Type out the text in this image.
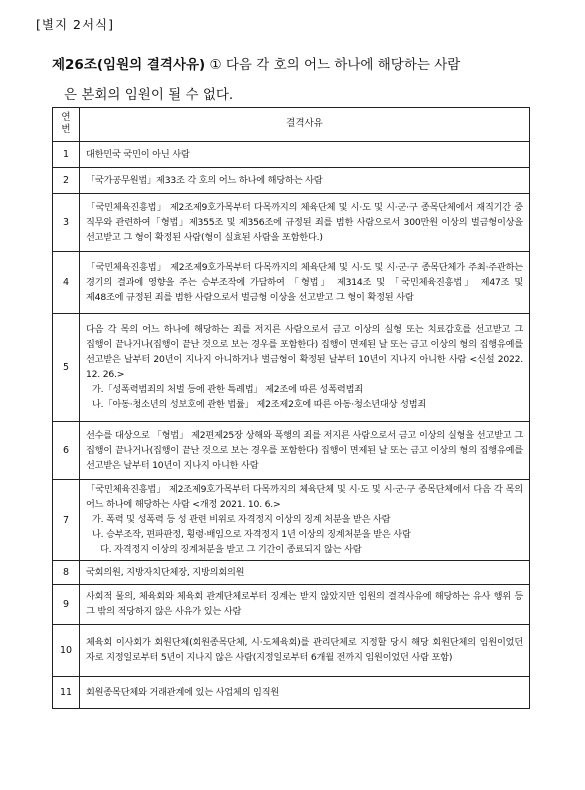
[별지 2서식]
제26조(임원의 결격사유) ① 다음 각 호의 어느 하나에 해당하는 사람
은 본회의 임원이 될 수 없다.
연번	결격사유
1	대한민국 국민이 아닌 사람

2	「국가공무원법」제33조 각 호의 어느 하나에 해당하는 사람

3	「국민체육진흥법」 제2조제9호가목부터 다목까지의 체육단체 및 시·도 및 시·군·구 종목단체에서 재직기간 중 직무와 관련하여「형법」제355조 및 제356조에 규정된 죄를 범한 사람으로서 300만원 이상의 벌금형이상을 선고받고 그 형이 확정된 사람(형이 실효된 사람을 포함한다.)

4	「국민체육진흥법」 제2조제9호가목부터 다목까지의 체육단체 및 시·도 및 시·군·구 종목단체가 주최·주관하는 경기의 결과에 영향을 주는 승부조작에 가담하여 「형법」 제314조 및 「국민체육진흥법」 제47조 및 제48조에 규정된 죄를 범한 사람으로서 벌금형 이상을 선고받고 그 형이 확정된 사람

5	다음 각 목의 어느 하나에 해당하는 죄를 저지른 사람으로서 금고 이상의 실형 또는 치료감호를 선고받고 그 집행이 끝나거나(집행이 끝난 것으로 보는 경우를 포함한다) 집행이 면제된 날 또는 금고 이상의 형의 집행유예를 선고받은 날부터 20년이 지나지 아니하거나 벌금형이 확정된 날부터 10년이 지나지 아니한 사람 <신설 2022. 12. 26.>
가.「성폭력범죄의 처벌 등에 관한 특례법」 제2조에 따른 성폭력범죄
나.「아동·청소년의 성보호에 관한 법률」 제2조제2호에 따른 아동·청소년대상 성범죄

6	선수를 대상으로 「형법」 제2편제25장 상해와 폭행의 죄를 저지른 사람으로서 금고 이상의 실형을 선고받고 그 집행이 끝나거나(집행이 끝난 것으로 보는 경우를 포함한다) 집행이 면제된 날 또는 금고 이상의 형의 집행유예를 선고받은 날부터 10년이 지나지 아니한 사람

7	「국민체육진흥법」 제2조제9호가목부터 다목까지의 체육단체 및 시·도 및 시·군·구 종목단체에서 다음 각 목의 어느 하나에 해당하는 사람 <개정 2021. 10. 6.>
가. 폭력 및 성폭력 등 성 관련 비위로 자격정지 이상의 징계 처분을 받은 사람
나. 승부조작, 편파판정, 횡령·배임으로 자격정지 1년 이상의 징계처분을 받은 사람
다. 자격정지 이상의 징계처분을 받고 그 기간이 종료되지 않는 사람

8	국회의원, 지방자치단체장, 지방의회의원

9	사회적 물의, 체육회와 체육회 관계단체로부터 징계는 받지 않았지만 임원의 결격사유에 해당하는 유사 행위 등 그 밖의 적당하지 않은 사유가 있는 사람

10	체육회 이사회가 회원단체(회원종목단체, 시·도체육회)를 관리단체로 지정할 당시 해당 회원단체의 임원이었던 자로 지정일로부터 5년이 지나지 않은 사람(지정일로부터 6개월 전까지 임원이었던 사람 포함)

11	회원종목단체와 거래관계에 있는 사업체의 임직원
